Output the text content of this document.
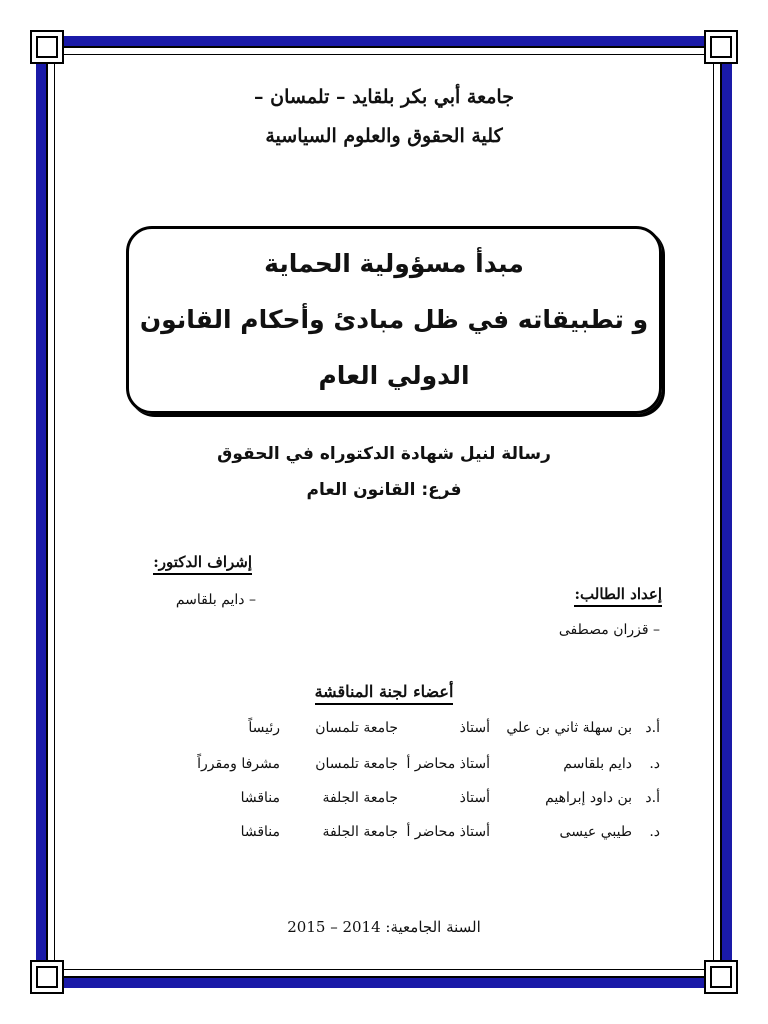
جامعة أبي بكر بلقايد – تلمسان –
كلية الحقوق والعلوم السياسية
مبدأ مسؤولية الحماية
و تطبيقاته في ظل مبادئ وأحكام القانون
الدولي العام
رسالة لنيل شهادة الدكتوراه في الحقوق
فرع: القانون العام
إشراف الدكتور:
– دايم بلقاسم	إعداد الطالب:
– قزران مصطفى
أعضاء لجنة المناقشة
أ.د
بن سهلة ثاني بن علي
أستاذ
جامعة تلمسان
رئيساً
د.
دايم بلقاسم
أستاذ محاضر أ
جامعة تلمسان
مشرفا ومقرراً
أ.د
بن داود إبراهيم
أستاذ
جامعة الجلفة
مناقشا
د.
طيبي عيسى
أستاذ محاضر أ
جامعة الجلفة
مناقشا
السنة الجامعية: 2014 – 2015
